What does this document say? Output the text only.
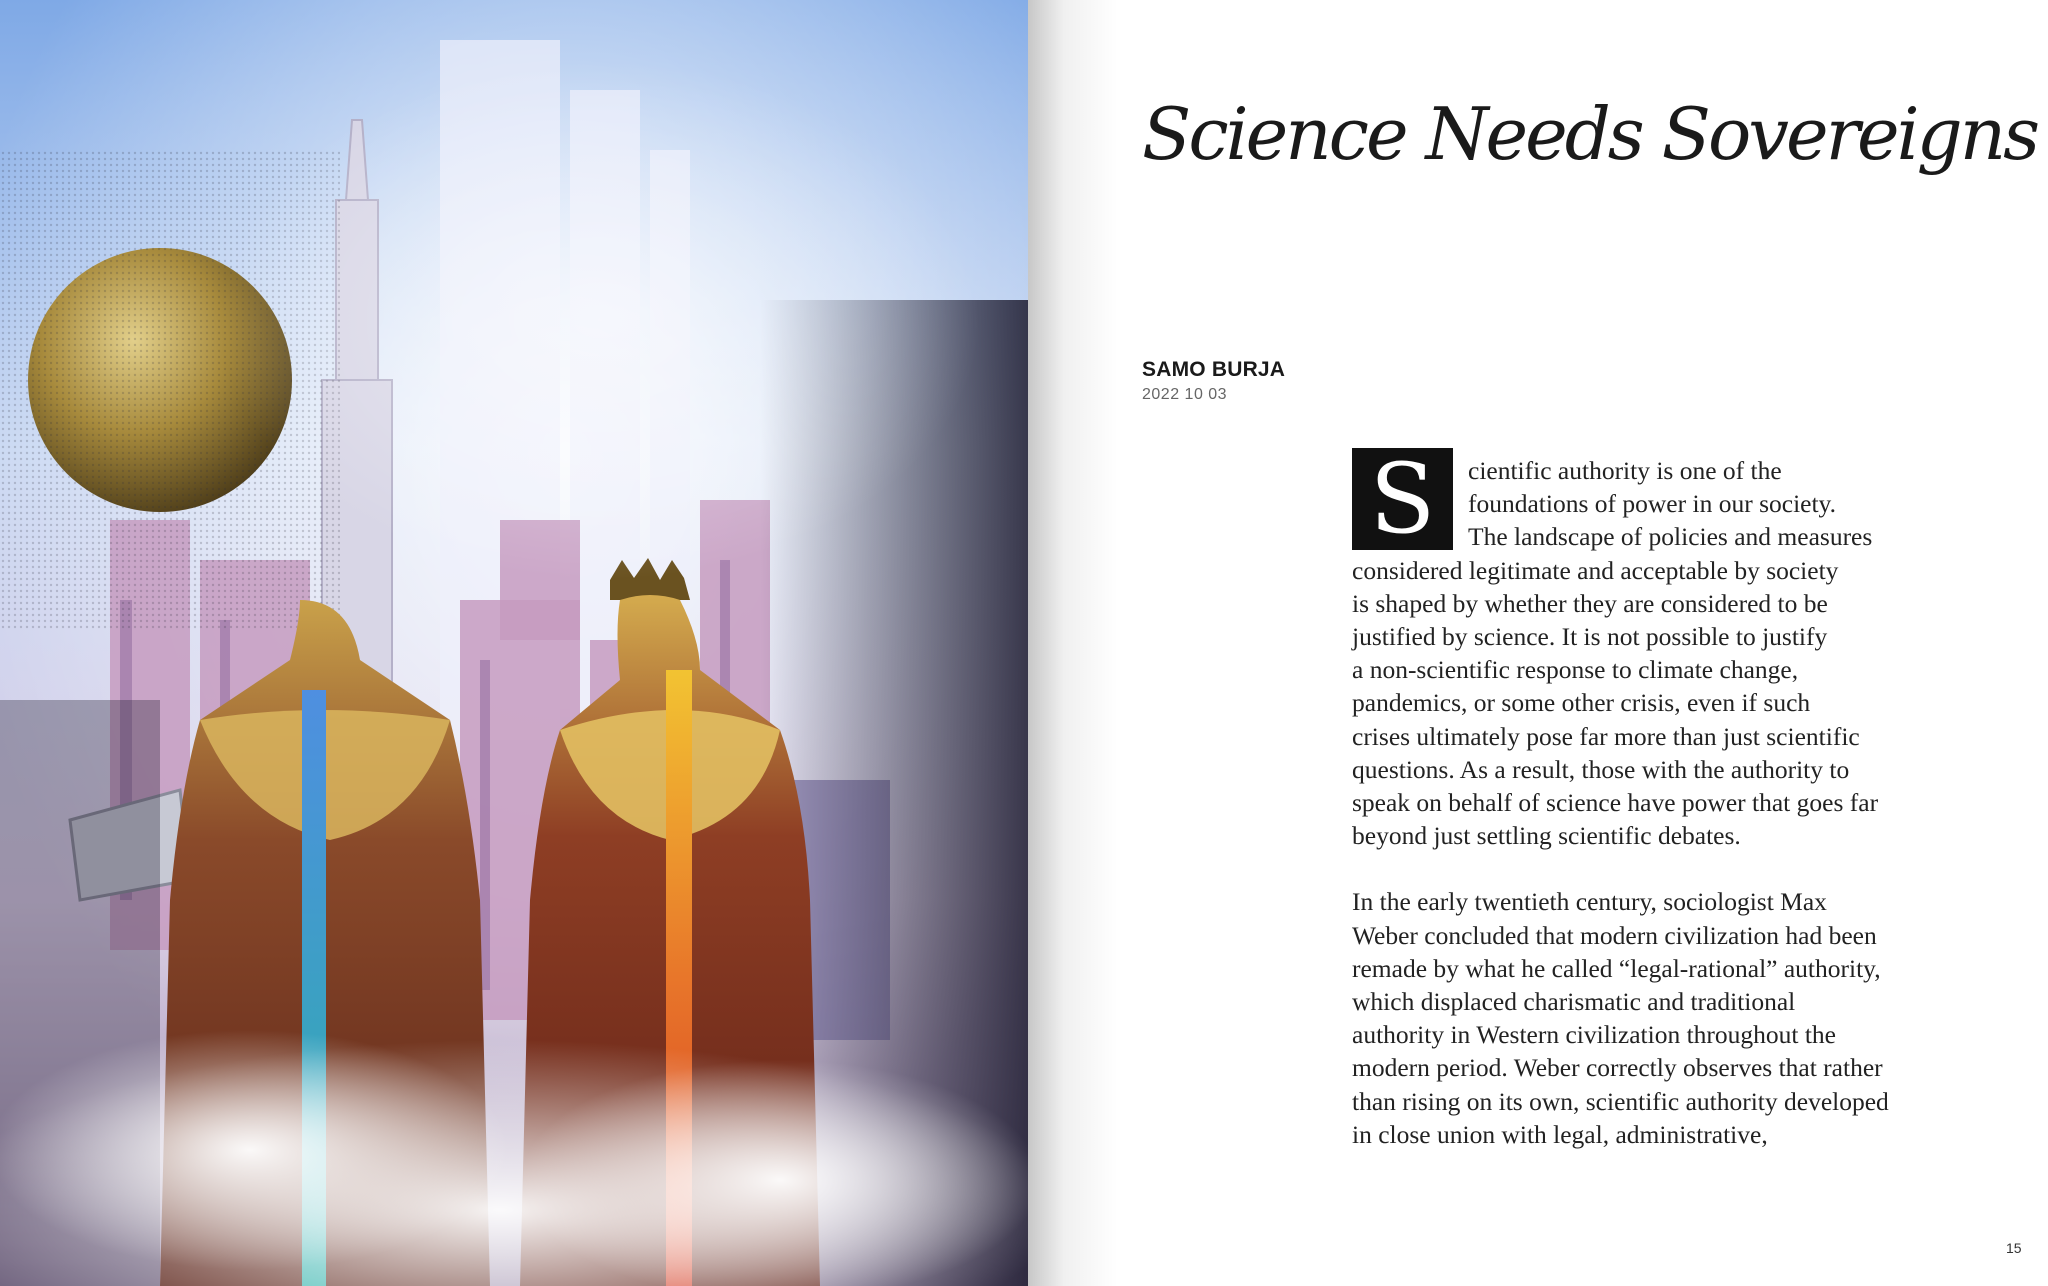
Science Needs Sovereigns
SAMO BURJA
2022 10 03
S	cientific authority is one of the
foundations of power in our society.
The landscape of policies and measures
considered legitimate and acceptable by society
is shaped by whether they are considered to be
justified by science. It is not possible to justify
a non-scientific response to climate change,
pandemics, or some other crisis, even if such
crises ultimately pose far more than just scientific
questions. As a result, those with the authority to
speak on behalf of science have power that goes far
beyond just settling scientific debates.

In the early twentieth century, sociologist Max
Weber concluded that modern civilization had been
remade by what he called “legal-rational” authority,
which displaced charismatic and traditional
authority in Western civilization throughout the
modern period. Weber correctly observes that rather
than rising on its own, scientific authority developed
in close union with legal, administrative,

15
